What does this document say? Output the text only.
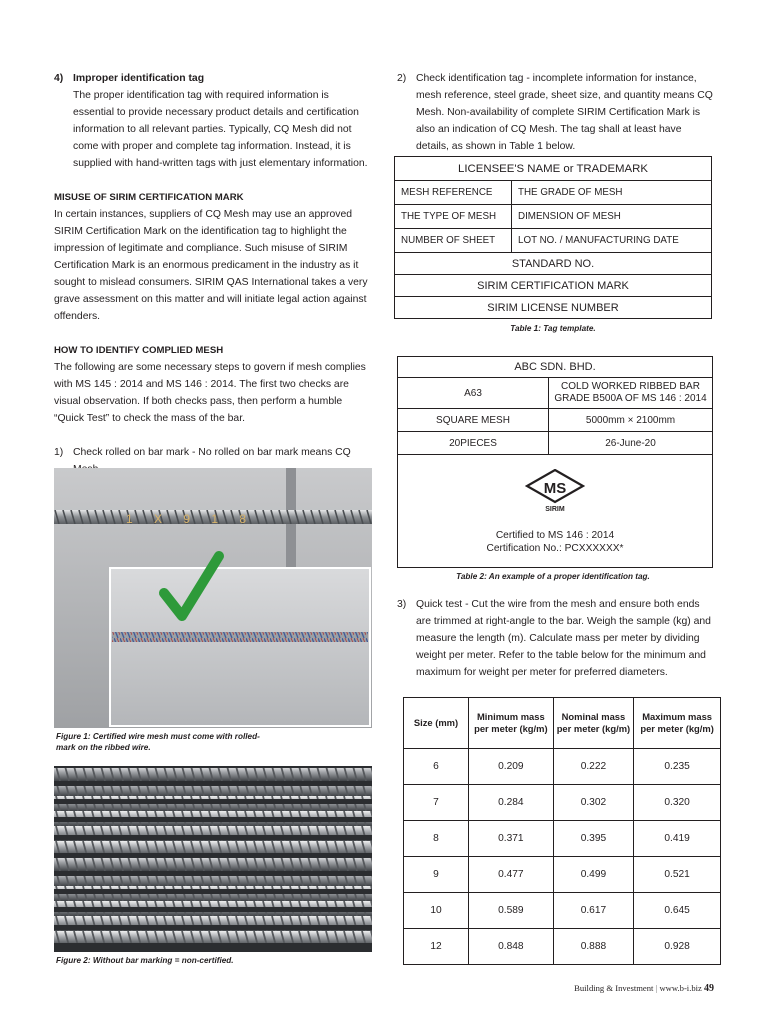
4) Improper identification tag

The proper identification tag with required information is essential to provide necessary product details and certification information to all relevant parties. Typically, CQ Mesh did not come with proper and complete tag information. Instead, it is supplied with hand-written tags with just elementary information.

MISUSE OF SIRIM CERTIFICATION MARK

In certain instances, suppliers of CQ Mesh may use an approved SIRIM Certification Mark on the identification tag to highlight the impression of legitimate and compliance. Such misuse of SIRIM Certification Mark is an enormous predicament in the industry as it sought to mislead consumers. SIRIM QAS International takes a very grave assessment on this matter and will initiate legal action against offenders.

HOW TO IDENTIFY COMPLIED MESH

The following are some necessary steps to govern if mesh complies with MS 145 : 2014 and MS 146 : 2014. The first two checks are visual observation. If both checks pass, then perform a humble “Quick Test” to check the mass of the bar.

1) Check rolled on bar mark - No rolled on bar mark means CQ

1 X 9 1 8

Figure 1: Certified wire mesh must come with rolled-mark on the ribbed wire.

Figure 2: Without bar marking = non-certified.

2) Check identification tag - incomplete information for instance, mesh reference, steel grade, sheet size, and quantity means CQ Mesh. Non-availability of complete SIRIM Certification Mark is also an indication of CQ Mesh. The tag shall at least have details, as shown in Table 1 below.

LICENSEE'S NAME or TRADEMARK	
MESH REFERENCE	THE GRADE OF MESH
THE TYPE OF MESH	DIMENSION OF MESH
NUMBER OF SHEET	LOT NO. / MANUFACTURING DATE
STANDARD NO.	
SIRIM CERTIFICATION MARK	
SIRIM LICENSE NUMBER	

Table 1: Tag template.

ABC SDN. BHD.	
A63	COLD WORKED RIBBED BAR
GRADE B500A OF MS 146 : 2014
SQUARE MESH	5000mm × 2100mm
20PIECES	26-June-20
MS
SIRIM
Certified to MS 146 : 2014
Certification No.: PCXXXXXX*

Table 2: An example of a proper identification tag.

3) Quick test - Cut the wire from the mesh and ensure both ends are trimmed at right-angle to the bar. Weigh the sample (kg) and measure the length (m). Calculate mass per meter by dividing weight per meter. Refer to the table below for the minimum and maximum for weight per meter for preferred diameters.

Size (mm)	Minimum mass per meter (kg/m)	Nominal mass per meter (kg/m)	Maximum mass per meter (kg/m)
6	0.209	0.222	0.235
7	0.284	0.302	0.320
8	0.371	0.395	0.419
9	0.477	0.499	0.521
10	0.589	0.617	0.645
12	0.848	0.888	0.928
Building & Investment | www.b-i.biz 49
